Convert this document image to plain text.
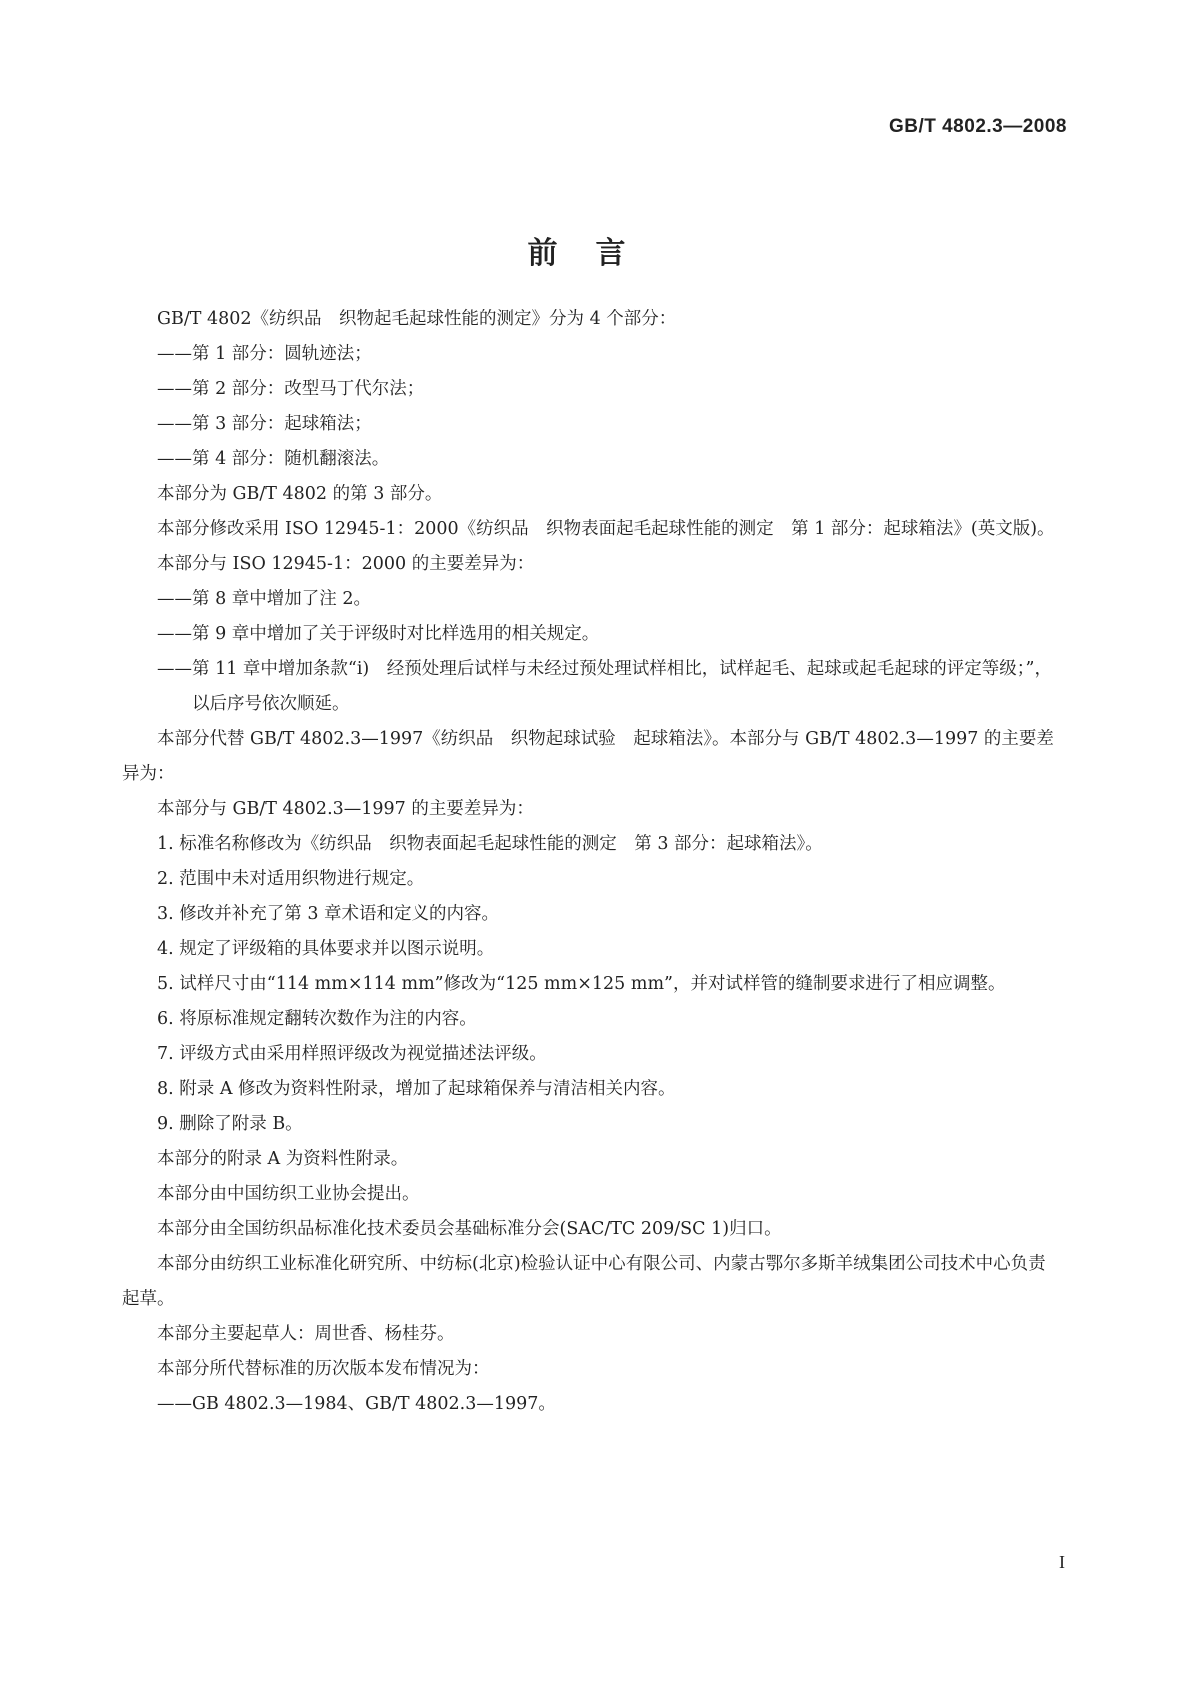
GB/T 4802.3—2008
前言

GB/T 4802《纺织品　织物起毛起球性能的测定》分为 4 个部分：

——第 1 部分：圆轨迹法；

——第 2 部分：改型马丁代尔法；

——第 3 部分：起球箱法；

——第 4 部分：随机翻滚法。

本部分为 GB/T 4802 的第 3 部分。

本部分修改采用 ISO 12945-1：2000《纺织品　织物表面起毛起球性能的测定　第 1 部分：起球箱法》(英文版)。

本部分与 ISO 12945-1：2000 的主要差异为：

——第 8 章中增加了注 2。

——第 9 章中增加了关于评级时对比样选用的相关规定。

——第 11 章中增加条款“i)　经预处理后试样与未经过预处理试样相比，试样起毛、起球或起毛起球的评定等级；”，以后序号依次顺延。

本部分代替 GB/T 4802.3—1997《纺织品　织物起球试验　起球箱法》。本部分与 GB/T 4802.3—1997 的主要差异为：

本部分与 GB/T 4802.3—1997 的主要差异为：

1. 标准名称修改为《纺织品　织物表面起毛起球性能的测定　第 3 部分：起球箱法》。

2. 范围中未对适用织物进行规定。

3. 修改并补充了第 3 章术语和定义的内容。

4. 规定了评级箱的具体要求并以图示说明。

5. 试样尺寸由“114 mm×114 mm”修改为“125 mm×125 mm”，并对试样管的缝制要求进行了相应调整。

6. 将原标准规定翻转次数作为注的内容。

7. 评级方式由采用样照评级改为视觉描述法评级。

8. 附录 A 修改为资料性附录，增加了起球箱保养与清洁相关内容。

9. 删除了附录 B。

本部分的附录 A 为资料性附录。

本部分由中国纺织工业协会提出。

本部分由全国纺织品标准化技术委员会基础标准分会(SAC/TC 209/SC 1)归口。

本部分由纺织工业标准化研究所、中纺标(北京)检验认证中心有限公司、内蒙古鄂尔多斯羊绒集团公司技术中心负责起草。

本部分主要起草人：周世香、杨桂芬。

本部分所代替标准的历次版本发布情况为：

——GB 4802.3—1984、GB/T 4802.3—1997。

I
